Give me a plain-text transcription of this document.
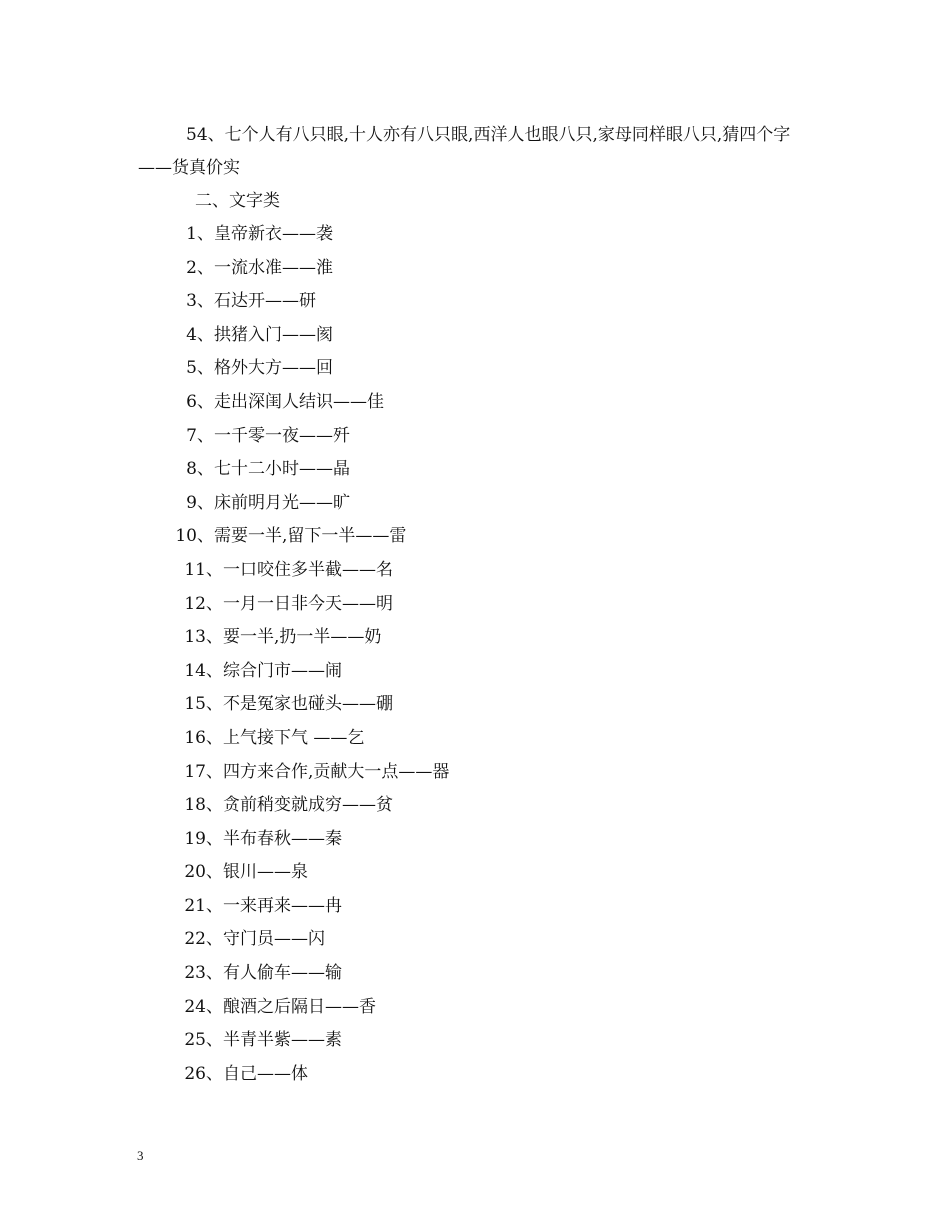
54、七个人有八只眼,十人亦有八只眼,西洋人也眼八只,家母同样眼八只,猜四个字——货真价实

二、文字类
1、 皇帝新衣——袭
2、 一流水准——淮
3、 石达开——研
4、 拱猪入门——阂
5、 格外大方——回
6、 走出深闺人结识——佳
7、 一千零一夜——歼
8、 七十二小时——晶
9、 床前明月光——旷
10、 需要一半,留下一半——雷
11、 一口咬住多半截——名
12、 一月一日非今天——明
13、 要一半,扔一半——奶
14、 综合门市——闹
15、 不是冤家也碰头——硼
16、 上气接下气 ——乞
17、 四方来合作,贡献大一点——器
18、 贪前稍变就成穷——贫
19、 半布春秋——秦
20、 银川——泉
21、 一来再来——冉
22、 守门员——闪
23、 有人偷车——输
24、 酿酒之后隔日——香
25、 半青半紫——素
26、 自己——体
3
